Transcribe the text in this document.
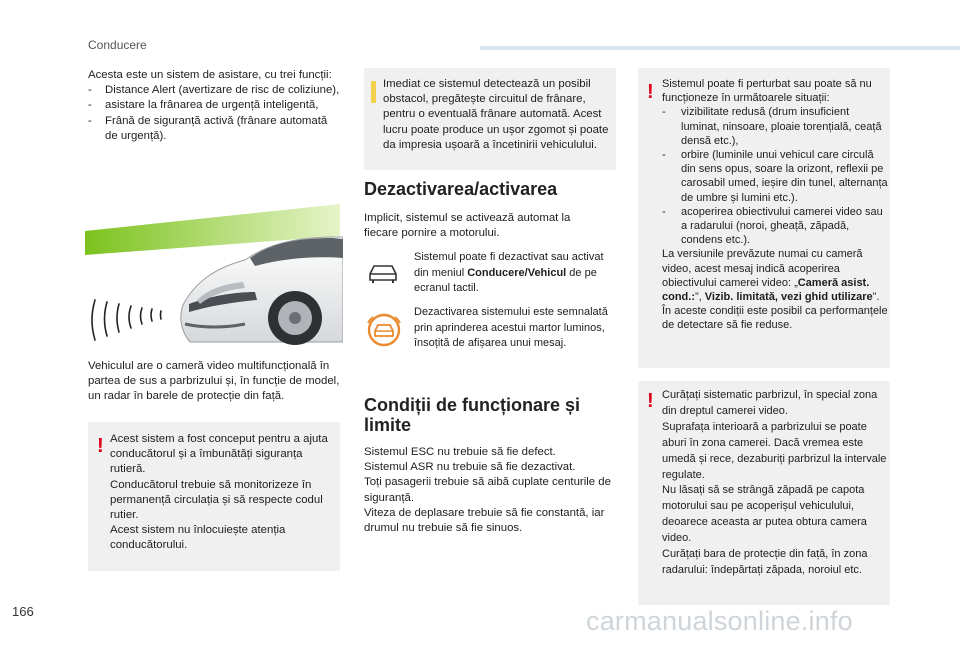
Conducere

Acesta este un sistem de asistare, cu trei funcții:

- Distance Alert (avertizare de risc de coliziune),
- asistare la frânarea de urgență inteligentă,
- Frână de siguranță activă (frânare automată de urgență).

Vehiculul are o cameră video multifuncțională în partea de sus a parbrizului și, în funcție de model, un radar în barele de protecție din față.

! Acest sistem a fost conceput pentru a ajuta conducătorul și a îmbunătăți siguranța rutieră.

Conducătorul trebuie să monitorizeze în permanență circulația și să respecte codul rutier.

Acest sistem nu înlocuiește atenția conducătorului.

Imediat ce sistemul detectează un posibil obstacol, pregătește circuitul de frânare, pentru o eventuală frânare automată. Acest lucru poate produce un ușor zgomot și poate da impresia ușoară a încetinirii vehiculului.

Dezactivarea/activarea

Implicit, sistemul se activează automat la fiecare pornire a motorului.

Sistemul poate fi dezactivat sau activat din meniul Conducere/Vehicul de pe ecranul tactil.

Dezactivarea sistemului este semnalată prin aprinderea acestui martor luminos, însoțită de afișarea unui mesaj.

Condiții de funcționare și limite

Sistemul ESC nu trebuie să fie defect.

Sistemul ASR nu trebuie să fie dezactivat.

Toți pasagerii trebuie să aibă cuplate centurile de siguranță.

Viteza de deplasare trebuie să fie constantă, iar drumul nu trebuie să fie sinuos.

! Sistemul poate fi perturbat sau poate să nu funcționeze în următoarele situații:

- vizibilitate redusă (drum insuficient luminat, ninsoare, ploaie torențială, ceață densă etc.),
- orbire (luminile unui vehicul care circulă din sens opus, soare la orizont, reflexii pe carosabil umed, ieșire din tunel, alternanța de umbre și lumini etc.).
- acoperirea obiectivului camerei video sau a radarului (noroi, gheață, zăpadă, condens etc.).

La versiunile prevăzute numai cu cameră video, acest mesaj indică acoperirea obiectivului camerei video: „Cameră asist. cond.:”, Vizib. limitată, vezi ghid utilizare”.

În aceste condiții este posibil ca performanțele de detectare să fie reduse.

! Curățați sistematic parbrizul, în special zona din dreptul camerei video.

Suprafața interioară a parbrizului se poate aburi în zona camerei. Dacă vremea este umedă și rece, dezaburiți parbrizul la intervale regulate.

Nu lăsați să se strângă zăpadă pe capota motorului sau pe acoperișul vehiculului, deoarece aceasta ar putea obtura camera video.

Curățați bara de protecție din față, în zona radarului: îndepărtați zăpada, noroiul etc.

166	carmanualsonline.info
